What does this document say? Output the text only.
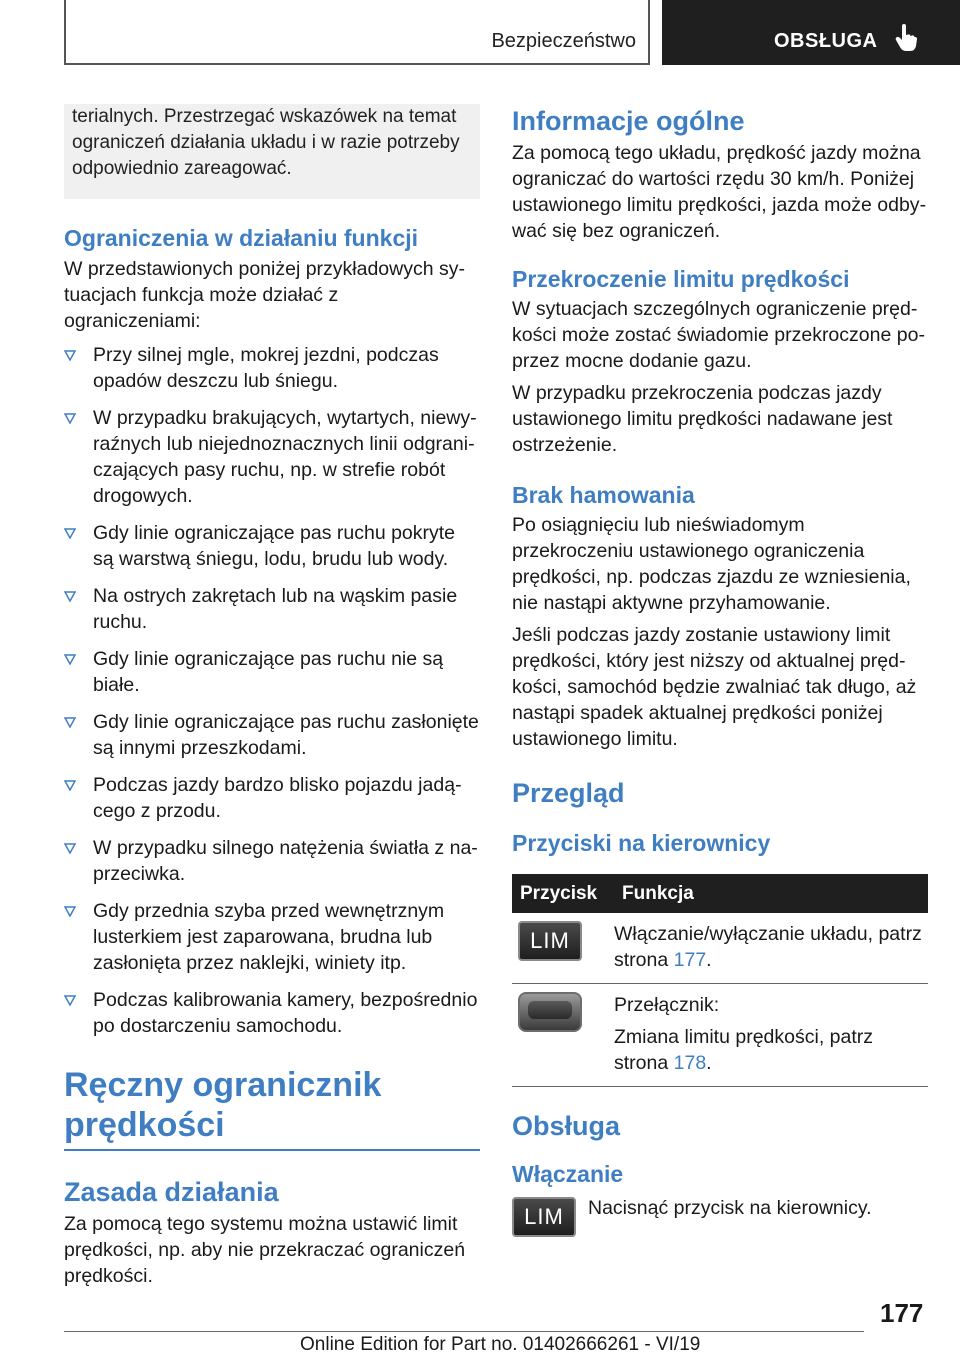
Bezpieczeństwo	OBSŁUGA

terialnych. Przestrzegać wskazówek na temat ograniczeń działania układu i w razie potrzeby odpowiednio zareagować.

Ograniczenia w działaniu funkcji

W przedstawionych poniżej przykładowych sytuacjach funkcja może działać z ograniczeniami:

Przy silnej mgle, mokrej jezdni, podczas opadów deszczu lub śniegu.
W przypadku brakujących, wytartych, niewyraźnych lub niejednoznacznych linii odgraniczających pasy ruchu, np. w strefie robót drogowych.
Gdy linie ograniczające pas ruchu pokryte są warstwą śniegu, lodu, brudu lub wody.
Na ostrych zakrętach lub na wąskim pasie ruchu.
Gdy linie ograniczające pas ruchu nie są białe.
Gdy linie ograniczające pas ruchu zasłonięte są innymi przeszkodami.
Podczas jazdy bardzo blisko pojazdu jadącego z przodu.
W przypadku silnego natężenia światła z naprzeciwka.
Gdy przednia szyba przed wewnętrznym lusterkiem jest zaparowana, brudna lub zasłonięta przez naklejki, winiety itp.
Podczas kalibrowania kamery, bezpośrednio po dostarczeniu samochodu.
Ręczny ogranicznik prędkości
Zasada działania

Za pomocą tego systemu można ustawić limit prędkości, np. aby nie przekraczać ograniczeń prędkości.

Informacje ogólne

Za pomocą tego układu, prędkość jazdy można ograniczać do wartości rzędu 30 km/h. Poniżej ustawionego limitu prędkości, jazda może odbywać się bez ograniczeń.

Przekroczenie limitu prędkości

W sytuacjach szczególnych ograniczenie prędkości może zostać świadomie przekroczone poprzez mocne dodanie gazu.

W przypadku przekroczenia podczas jazdy ustawionego limitu prędkości nadawane jest ostrzeżenie.

Brak hamowania

Po osiągnięciu lub nieświadomym przekroczeniu ustawionego ograniczenia prędkości, np. podczas zjazdu ze wzniesienia, nie nastąpi aktywne przyhamowanie.

Jeśli podczas jazdy zostanie ustawiony limit prędkości, który jest niższy od aktualnej prędkości, samochód będzie zwalniać tak długo, aż nastąpi spadek aktualnej prędkości poniżej ustawionego limitu.

Przegląd
Przyciski na kierownicy
Przycisk	Funkcja

LIM	Włączanie/wyłączanie układu, patrz strona 177.

	Przełącznik:

Zmiana limitu prędkości, patrz strona 178.

Obsługa
Włączanie
LIM	Nacisnąć przycisk na kierownicy.

177
Online Edition for Part no. 01402666261 - VI/19
